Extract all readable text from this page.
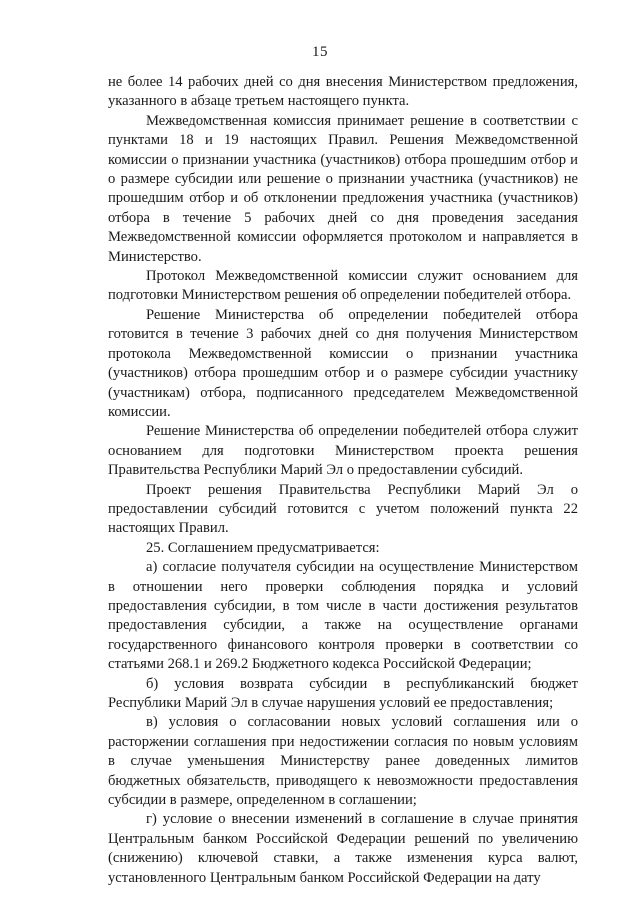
15

не более 14 рабочих дней со дня внесения Министерством предложения, указанного в абзаце третьем настоящего пункта.

Межведомственная комиссия принимает решение в соответствии с пунктами 18 и 19 настоящих Правил. Решения Межведомственной комиссии о признании участника (участников) отбора прошедшим отбор и о размере субсидии или решение о признании участника (участников) не прошедшим отбор и об отклонении предложения участника (участников) отбора в течение 5 рабочих дней со дня проведения заседания Межведомственной комиссии оформляется протоколом и направляется в Министерство.

Протокол Межведомственной комиссии служит основанием для подготовки Министерством решения об определении победителей отбора.

Решение Министерства об определении победителей отбора готовится в течение 3 рабочих дней со дня получения Министерством протокола Межведомственной комиссии о признании участника (участников) отбора прошедшим отбор и о размере субсидии участнику (участникам) отбора, подписанного председателем Межведомственной комиссии.

Решение Министерства об определении победителей отбора служит основанием для подготовки Министерством проекта решения Правительства Республики Марий Эл о предоставлении субсидий.

Проект решения Правительства Республики Марий Эл о предоставлении субсидий готовится с учетом положений пункта 22 настоящих Правил.

25. Соглашением предусматривается:

а) согласие получателя субсидии на осуществление Министерством в отношении него проверки соблюдения порядка и условий предоставления субсидии, в том числе в части достижения результатов предоставления субсидии, а также на осуществление органами государственного финансового контроля проверки в соответствии со статьями 268.1 и 269.2 Бюджетного кодекса Российской Федерации;

б) условия возврата субсидии в республиканский бюджет Республики Марий Эл в случае нарушения условий ее предоставления;

в) условия о согласовании новых условий соглашения или о расторжении соглашения при недостижении согласия по новым условиям в случае уменьшения Министерству ранее доведенных лимитов бюджетных обязательств, приводящего к невозможности предоставления субсидии в размере, определенном в соглашении;

г) условие о внесении изменений в соглашение в случае принятия Центральным банком Российской Федерации решений по увеличению (снижению) ключевой ставки, а также изменения курса валют, установленного Центральным банком Российской Федерации на дату
